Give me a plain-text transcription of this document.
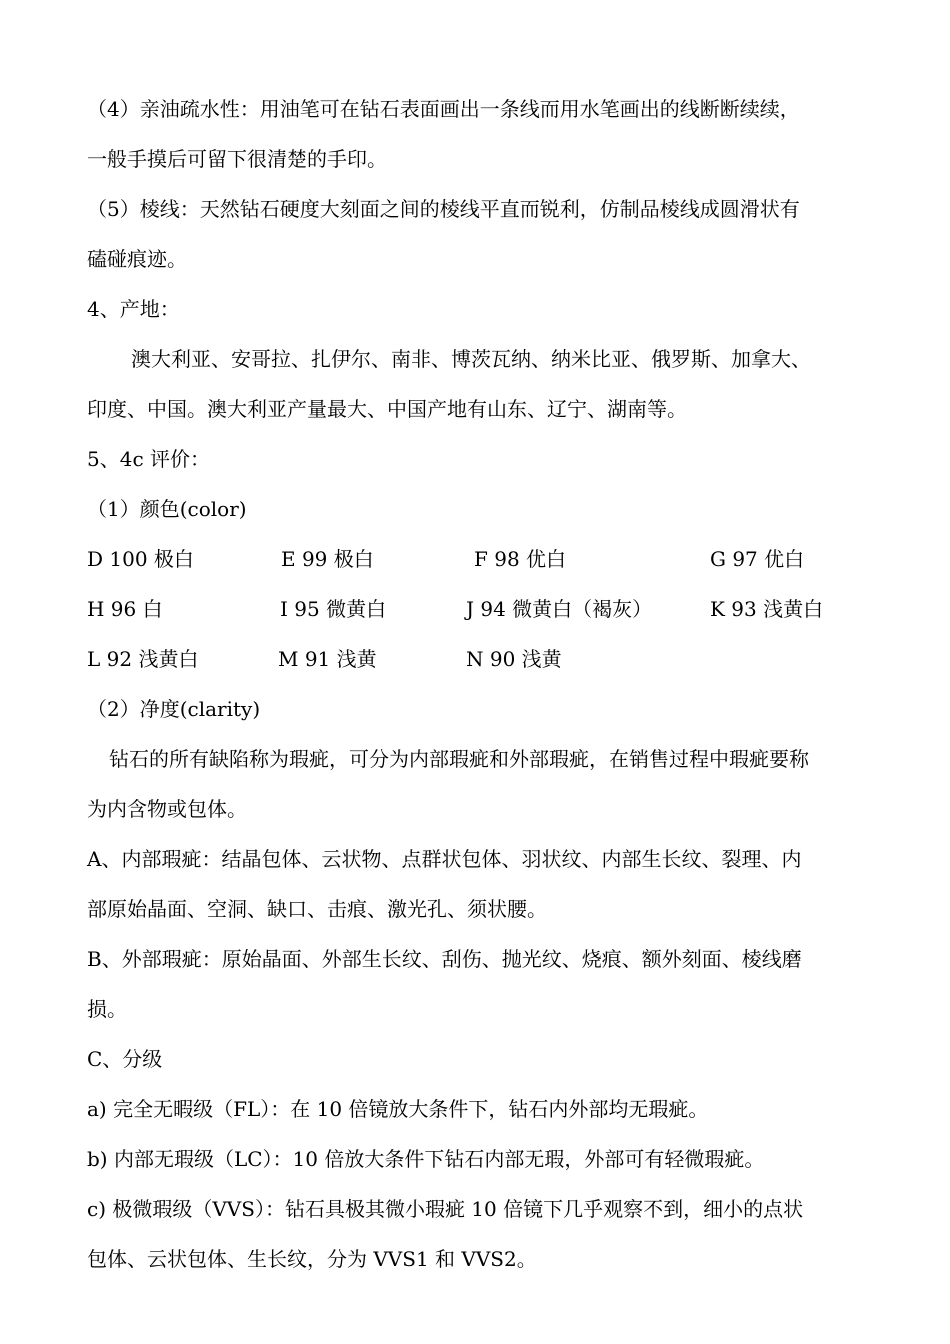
（4）亲油疏水性：用油笔可在钻石表面画出一条线而用水笔画出的线断断续续，

一般手摸后可留下很清楚的手印。

（5）棱线：天然钻石硬度大刻面之间的棱线平直而锐利，仿制品棱线成圆滑状有

磕碰痕迹。

4、产地：

澳大利亚、安哥拉、扎伊尔、南非、博茨瓦纳、纳米比亚、俄罗斯、加拿大、

印度、中国。澳大利亚产量最大、中国产地有山东、辽宁、湖南等。

5、4c 评价：

（1）颜色(color)

D 100 极白	E 99 极白	F 98 优白	G 97 优白
H 96 白	I 95 微黄白	J 94 微黄白（褐灰）	K 93 浅黄白
L 92 浅黄白	M 91 浅黄	N 90 浅黄

（2）净度(clarity)

钻石的所有缺陷称为瑕疵，可分为内部瑕疵和外部瑕疵，在销售过程中瑕疵要称

为内含物或包体。

A、内部瑕疵：结晶包体、云状物、点群状包体、羽状纹、内部生长纹、裂理、内

部原始晶面、空洞、缺口、击痕、激光孔、须状腰。

B、外部瑕疵：原始晶面、外部生长纹、刮伤、抛光纹、烧痕、额外刻面、棱线磨

损。

C、分级

a) 完全无暇级（FL）：在 10 倍镜放大条件下，钻石内外部均无瑕疵。

b) 内部无瑕级（LC）：10 倍放大条件下钻石内部无瑕，外部可有轻微瑕疵。

c) 极微瑕级（VVS）：钻石具极其微小瑕疵 10 倍镜下几乎观察不到，细小的点状

包体、云状包体、生长纹，分为 VVS1 和 VVS2。
